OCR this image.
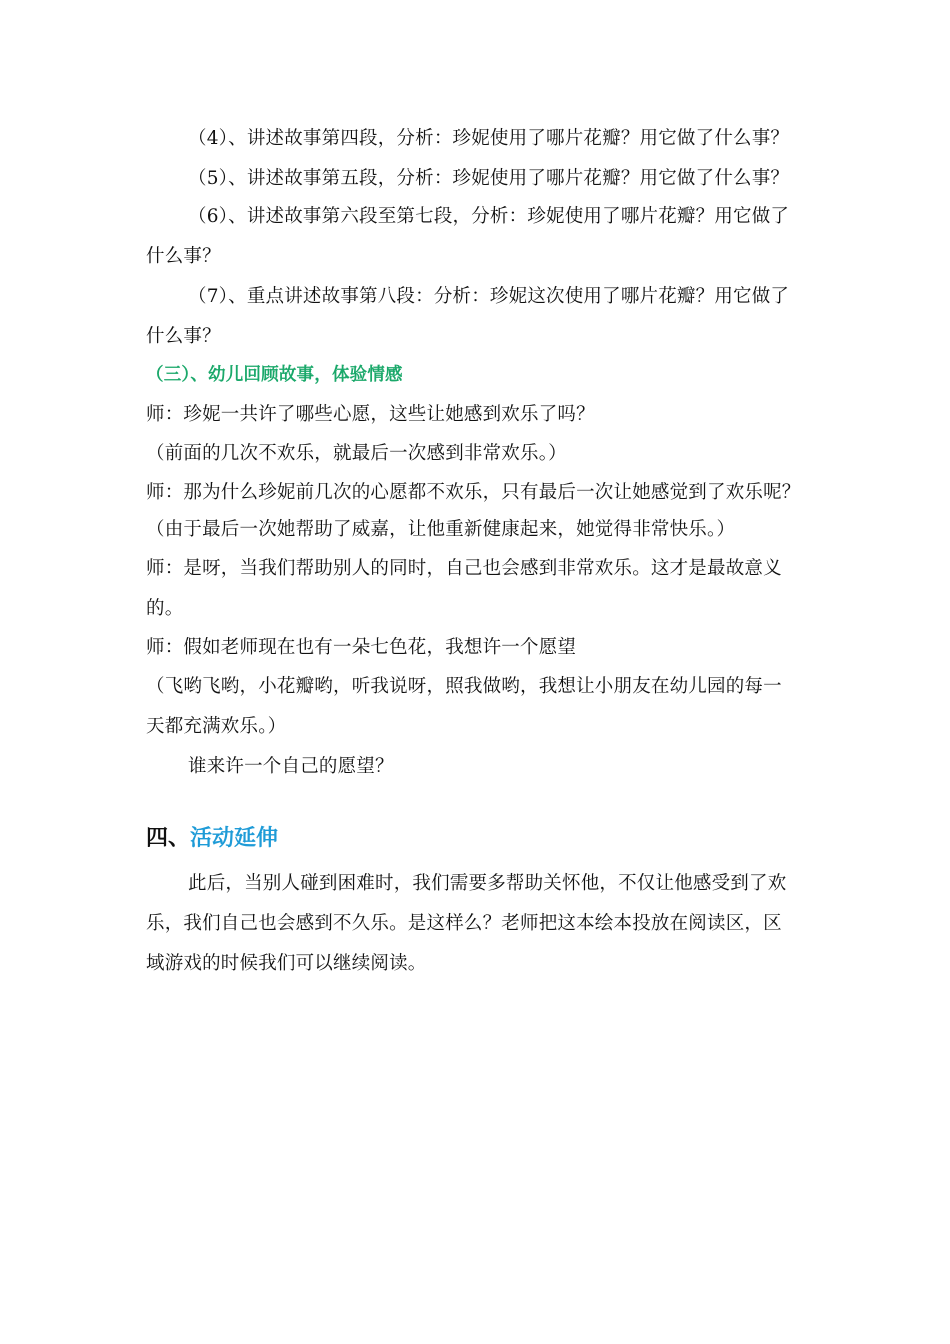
（4）、讲述故事第四段，分析：珍妮使用了哪片花瓣？用它做了什么事？
（5）、讲述故事第五段，分析：珍妮使用了哪片花瓣？用它做了什么事？
（6）、讲述故事第六段至第七段，分析：珍妮使用了哪片花瓣？用它做了
什么事？
（7）、重点讲述故事第八段：分析：珍妮这次使用了哪片花瓣？用它做了
什么事？
（三）、幼儿回顾故事，体验情感
师：珍妮一共许了哪些心愿，这些让她感到欢乐了吗？
（前面的几次不欢乐，就最后一次感到非常欢乐。）
师：那为什么珍妮前几次的心愿都不欢乐，只有最后一次让她感觉到了欢乐呢？
（由于最后一次她帮助了威嘉，让他重新健康起来，她觉得非常快乐。）
师：是呀，当我们帮助别人的同时，自己也会感到非常欢乐。这才是最故意义
的。
师：假如老师现在也有一朵七色花，我想许一个愿望
（飞哟飞哟，小花瓣哟，听我说呀，照我做哟，我想让小朋友在幼儿园的每一
天都充满欢乐。）
谁来许一个自己的愿望？
四、活动延伸
此后，当别人碰到困难时，我们需要多帮助关怀他，不仅让他感受到了欢
乐，我们自己也会感到不久乐。是这样么？老师把这本绘本投放在阅读区，区
域游戏的时候我们可以继续阅读。
